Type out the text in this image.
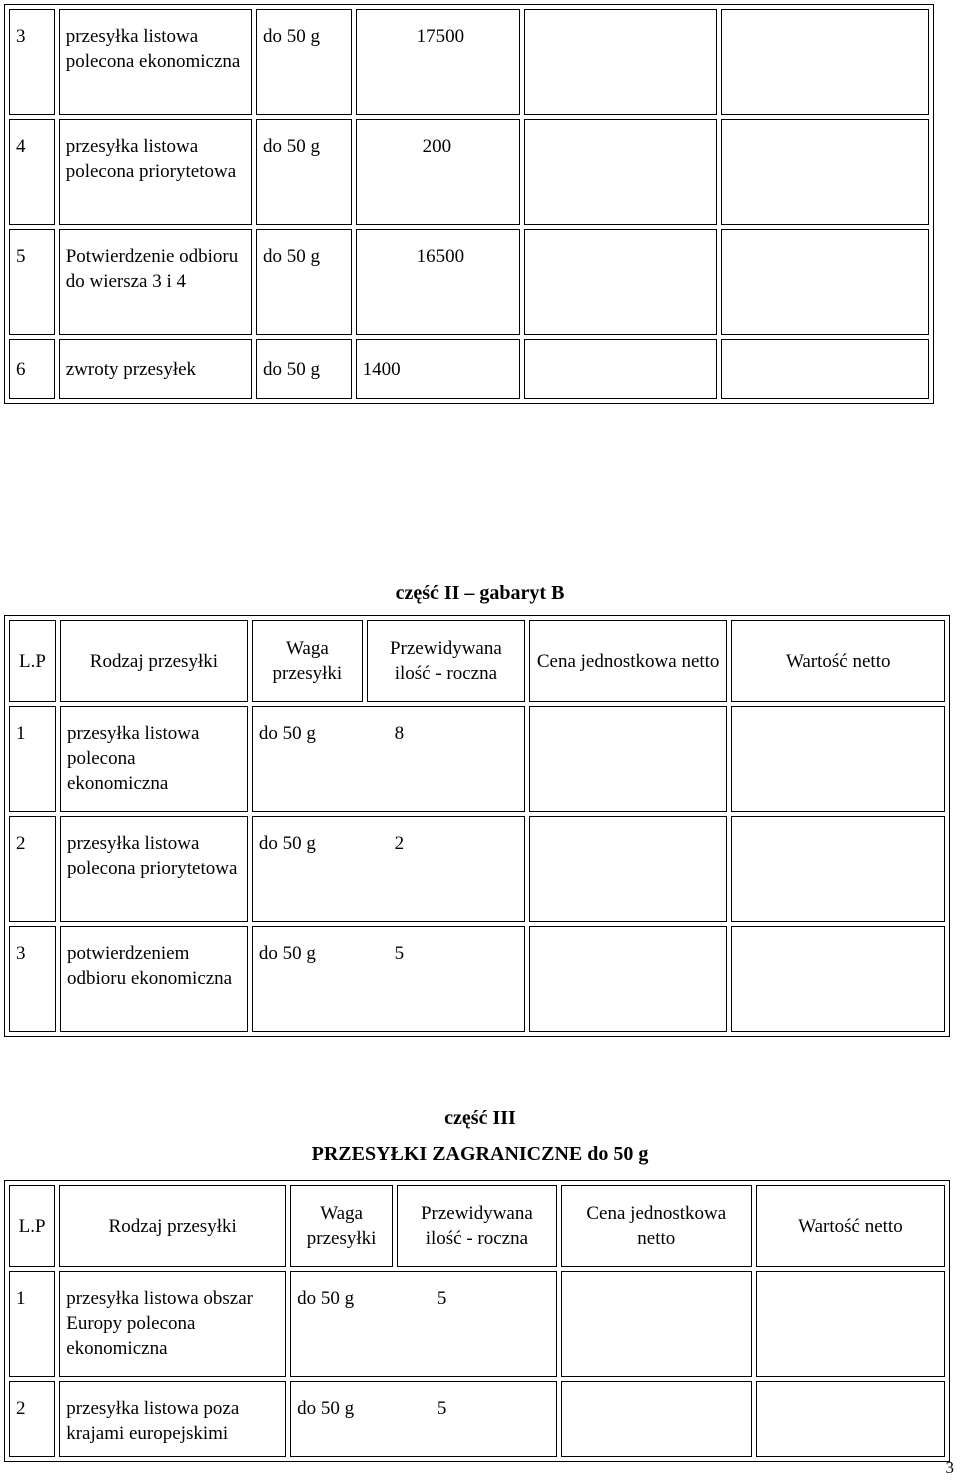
3	przesyłka listowa polecona ekonomiczna	do 50 g	17500		
4	przesyłka listowa polecona priorytetowa	do 50 g	200		
5	Potwierdzenie odbioru do wiersza 3 i 4	do 50 g	16500		
6	zwroty przesyłek	do 50 g	1400		
część II – gabaryt B
L.P	Rodzaj przesyłki	Waga przesyłki	Przewidywana ilość - roczna	Cena jednostkowa netto	Wartość netto
1	przesyłka listowa polecona ekonomiczna	do 50 g 8			
2	przesyłka listowa polecona priorytetowa	do 50 g 2			
3	potwierdzeniem odbioru ekonomiczna	do 50 g 5			
część III
PRZESYŁKI ZAGRANICZNE do 50 g
L.P	Rodzaj przesyłki	Waga przesyłki	Przewidywana ilość - roczna	Cena jednostkowa netto	Wartość netto
1	przesyłka listowa obszar Europy polecona ekonomiczna	do 50 g 5			
2	przesyłka listowa poza krajami europejskimi	do 50 g 5			
3
